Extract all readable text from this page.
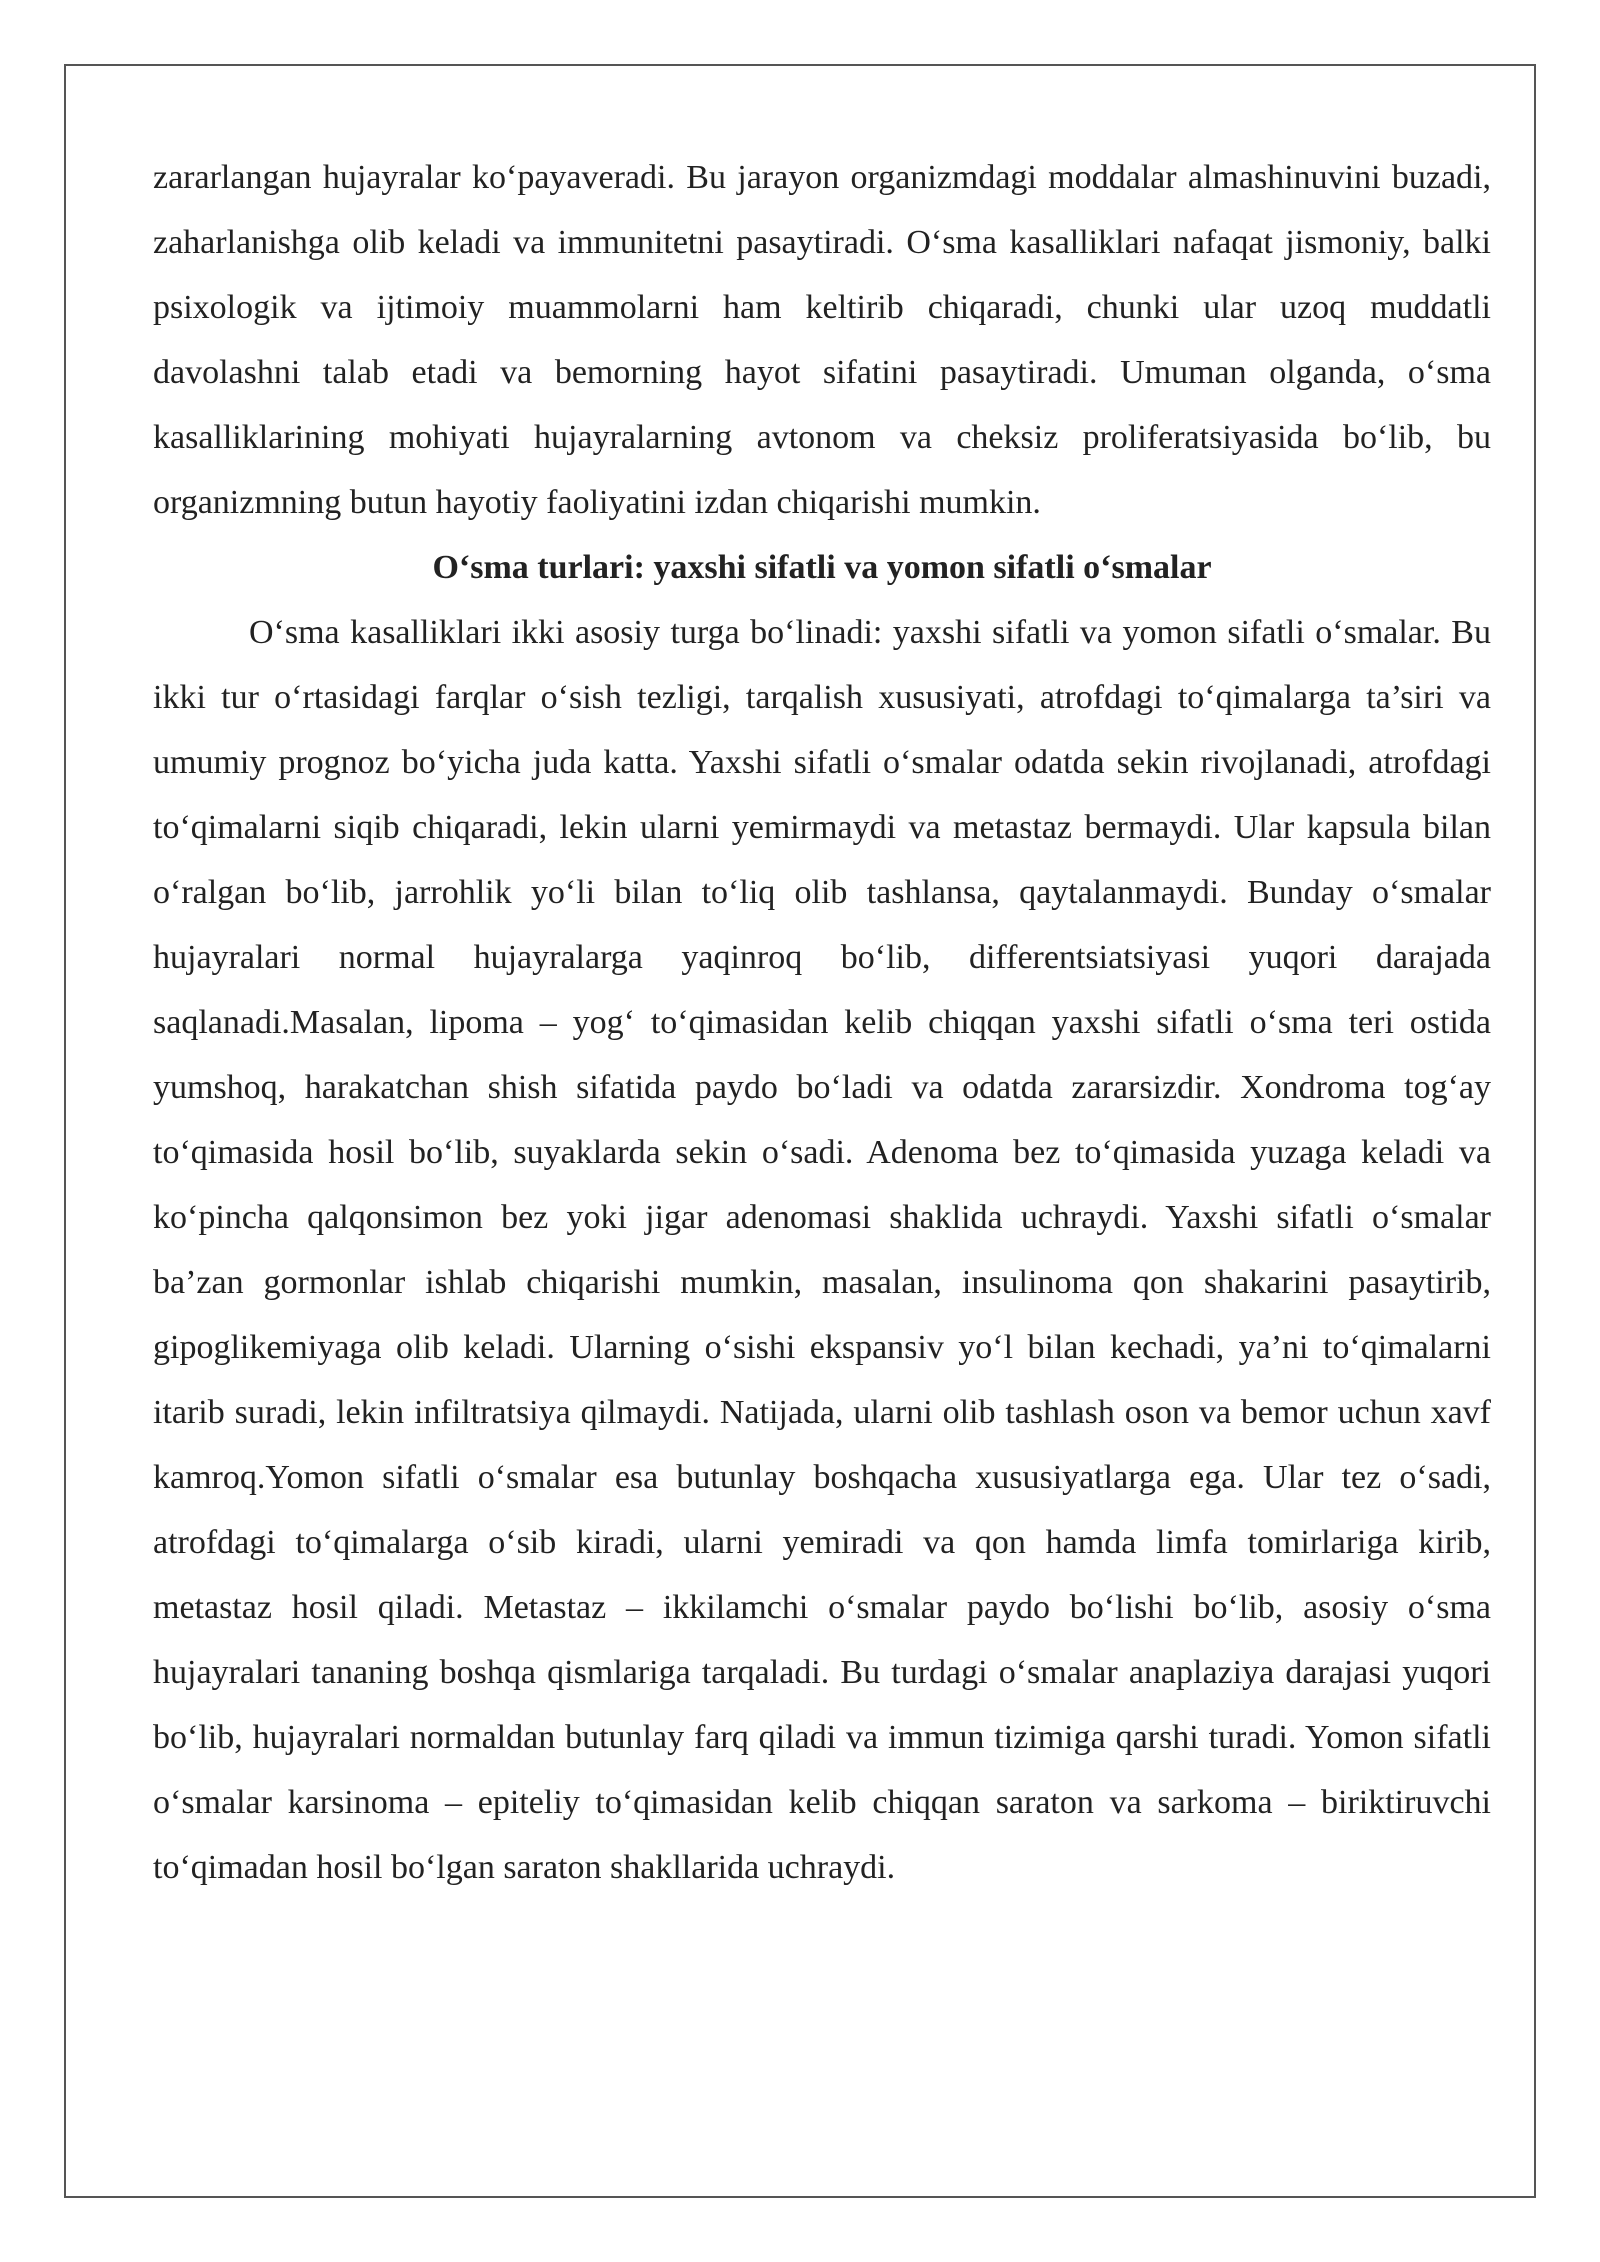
zararlangan hujayralar ko‘payaveradi. Bu jarayon organizmdagi moddalar almashinuvini buzadi, zaharlanishga olib keladi va immunitetni pasaytiradi. O‘sma kasalliklari nafaqat jismoniy, balki psixologik va ijtimoiy muammolarni ham keltirib chiqaradi, chunki ular uzoq muddatli davolashni talab etadi va bemorning hayot sifatini pasaytiradi. Umuman olganda, o‘sma kasalliklarining mohiyati hujayralarning avtonom va cheksiz proliferatsiyasida bo‘lib, bu organizmning butun hayotiy faoliyatini izdan chiqarishi mumkin.

O‘sma turlari: yaxshi sifatli va yomon sifatli o‘smalar

O‘sma kasalliklari ikki asosiy turga bo‘linadi: yaxshi sifatli va yomon sifatli o‘smalar. Bu ikki tur o‘rtasidagi farqlar o‘sish tezligi, tarqalish xususiyati, atrofdagi to‘qimalarga ta’siri va umumiy prognoz bo‘yicha juda katta. Yaxshi sifatli o‘smalar odatda sekin rivojlanadi, atrofdagi to‘qimalarni siqib chiqaradi, lekin ularni yemirmaydi va metastaz bermaydi. Ular kapsula bilan o‘ralgan bo‘lib, jarrohlik yo‘li bilan to‘liq olib tashlansa, qaytalanmaydi. Bunday o‘smalar hujayralari normal hujayralarga yaqinroq bo‘lib, differentsiatsiyasi yuqori darajada saqlanadi.Masalan, lipoma – yog‘ to‘qimasidan kelib chiqqan yaxshi sifatli o‘sma teri ostida yumshoq, harakatchan shish sifatida paydo bo‘ladi va odatda zararsizdir. Xondroma tog‘ay to‘qimasida hosil bo‘lib, suyaklarda sekin o‘sadi. Adenoma bez to‘qimasida yuzaga keladi va ko‘pincha qalqonsimon bez yoki jigar adenomasi shaklida uchraydi. Yaxshi sifatli o‘smalar ba’zan gormonlar ishlab chiqarishi mumkin, masalan, insulinoma qon shakarini pasaytirib, gipoglikemiyaga olib keladi. Ularning o‘sishi ekspansiv yo‘l bilan kechadi, ya’ni to‘qimalarni itarib suradi, lekin infiltratsiya qilmaydi. Natijada, ularni olib tashlash oson va bemor uchun xavf kamroq.Yomon sifatli o‘smalar esa butunlay boshqacha xususiyatlarga ega. Ular tez o‘sadi, atrofdagi to‘qimalarga o‘sib kiradi, ularni yemiradi va qon hamda limfa tomirlariga kirib, metastaz hosil qiladi. Metastaz – ikkilamchi o‘smalar paydo bo‘lishi bo‘lib, asosiy o‘sma hujayralari tananing boshqa qismlariga tarqaladi. Bu turdagi o‘smalar anaplaziya darajasi yuqori bo‘lib, hujayralari normaldan butunlay farq qiladi va immun tizimiga qarshi turadi. Yomon sifatli o‘smalar karsinoma – epiteliy to‘qimasidan kelib chiqqan saraton va sarkoma – biriktiruvchi to‘qimadan hosil bo‘lgan saraton shakllarida uchraydi.
